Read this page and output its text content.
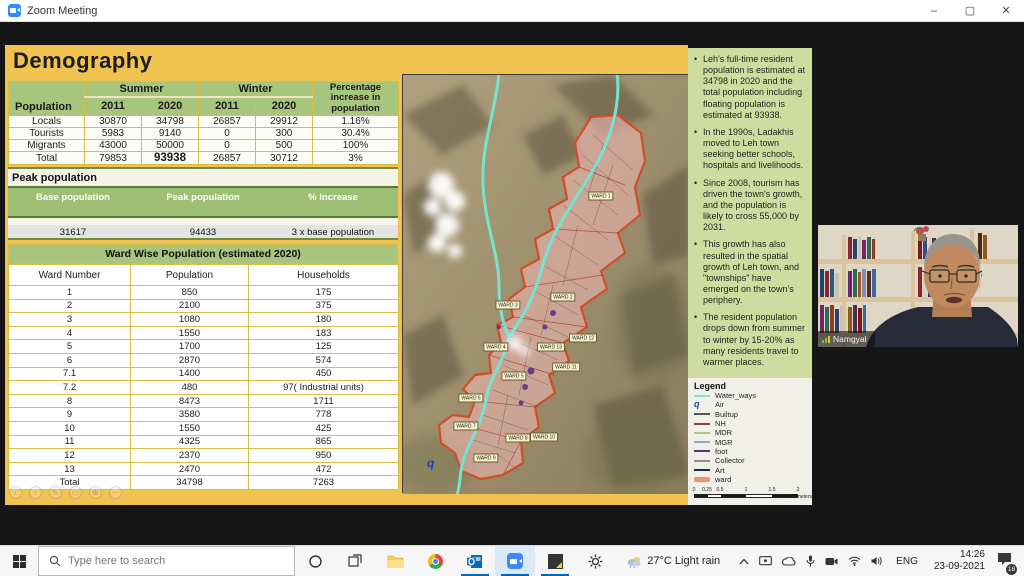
Zoom Meeting	–	▢	✕
Demography
Population	Summer		Winter		Percentage increase in population
	2011	2020	2011	2020	
Locals	30870	34798	26857	29912	1.16%
Tourists	5983	9140	0	300	30.4%
Migrants	43000	50000	0	500	100%
Total	79853	93938	26857	30712	3%
Peak population
Base population	Peak population	% increase
31617	94433	3 x base population
Ward Wise Population (estimated 2020)
Ward Number	Population	Households
1	850	175
2	2100	375
3	1080	180
4	1550	183
5	1700	125
6	2870	574
7.1	1400	450
7.2	480	97( Industrial units)
8	8473	1711
9	3580	778
10	1550	425
11	4325	865
12	2370	950
13	2470	472
Total	34798	7263
‹	›	✎	▭	⊕	⋯
q
WARD 1
WARD 2
WARD 3
WARD 4
WARD 5
WARD 6
WARD 7
WARD 8
WARD 9
WARD 10
WARD 11
WARD 12
WARD 13
• Leh's full-time resident population is estimated at 34798 in 2020 and the total population including floating population is estimated at 93938.
• In the 1990s, Ladakhis moved to Leh town seeking better schools, hospitals and livelihoods.
• Since 2008, tourism has driven the town's growth, and the population is likely to cross 55,000 by 2031.
• This growth has also resulted in the spatial growth of Leh town, and "townships" have emerged on the town's periphery.
• The resident population drops down from summer to winter by 15-20% as many residents travel to warmer places.
Legend
Water_ways
q Air
Builtup
NH
MDR
MGR
foot
Collector
Art
ward
Kilometers
0 0.25 0.5	1	1.5	2
Namgyal
Type here to search
27°C Light rain	ENG
14:26
23-09-2021	18
